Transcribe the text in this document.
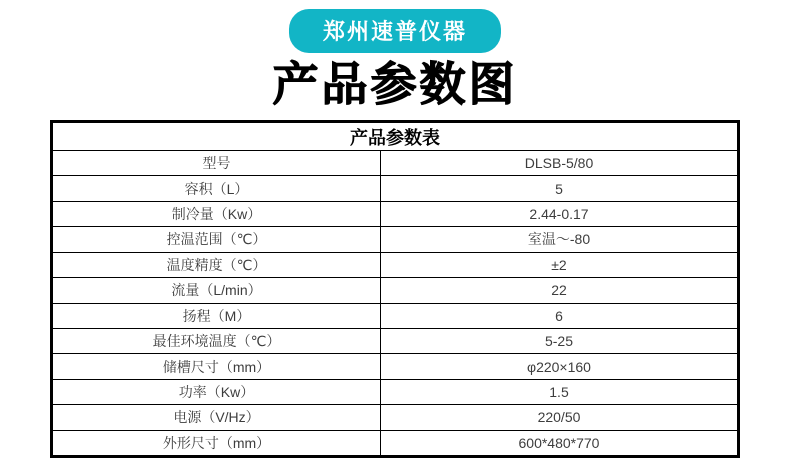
郑州速普仪器
产品参数图
产品参数表
型号	DLSB-5/80
容积（L）	5
制冷量（Kw）	2.44-0.17
控温范围（℃）	室温～-80
温度精度（℃）	±2
流量（L/min）	22
扬程（M）	6
最佳环境温度（℃）	5-25
储槽尺寸（mm）	φ220×160
功率（Kw）	1.5
电源（V/Hz）	220/50
外形尺寸（mm）	600*480*770
